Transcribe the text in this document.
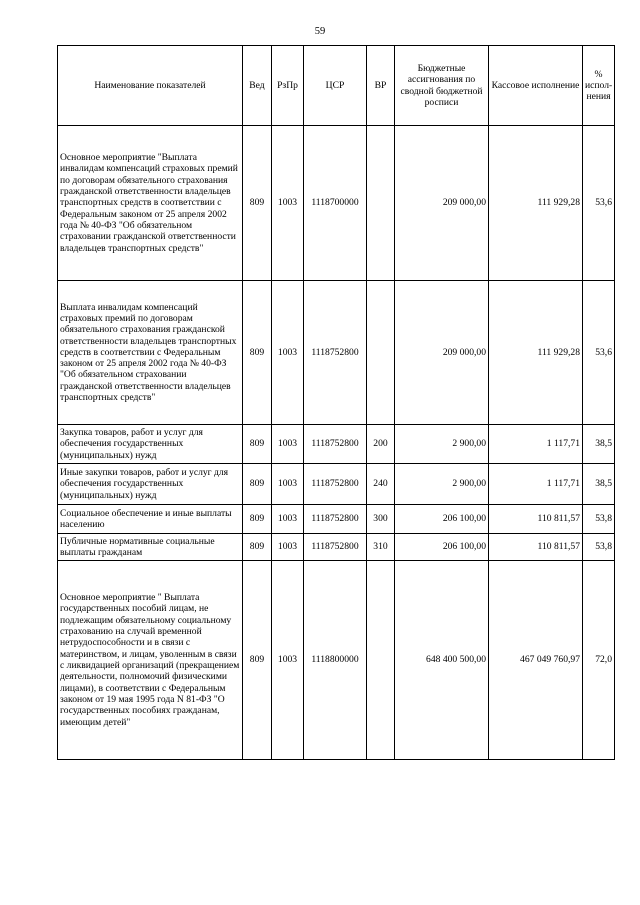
59
Наименование показателей	Вед	РзПр	ЦСР	ВР	Бюджетные ассигнования по сводной бюджетной росписи	Кассовое исполнение	% испол-нения
Основное мероприятие "Выплата инвалидам компенсаций страховых премий по договорам обязательного страхования гражданской ответственности владельцев транспортных средств в соответствии с Федеральным законом от 25 апреля 2002 года № 40-ФЗ "Об обязательном страховании гражданской ответственности владельцев транспортных средств"	809	1003	1118700000		209 000,00	111 929,28	53,6
Выплата инвалидам компенсаций страховых премий по договорам обязательного страхования гражданской ответственности владельцев транспортных средств в соответствии с Федеральным законом от 25 апреля 2002 года № 40-ФЗ "Об обязательном страховании гражданской ответственности владельцев транспортных средств"	809	1003	1118752800		209 000,00	111 929,28	53,6
Закупка товаров, работ и услуг для обеспечения государственных (муниципальных) нужд	809	1003	1118752800	200	2 900,00	1 117,71	38,5
Иные закупки товаров, работ и услуг для обеспечения государственных (муниципальных) нужд	809	1003	1118752800	240	2 900,00	1 117,71	38,5
Социальное обеспечение и иные выплаты населению	809	1003	1118752800	300	206 100,00	110 811,57	53,8
Публичные нормативные социальные выплаты гражданам	809	1003	1118752800	310	206 100,00	110 811,57	53,8
Основное мероприятие " Выплата государственных пособий лицам, не подлежащим обязательному социальному страхованию на случай временной нетрудоспособности и в связи с материнством, и лицам, уволенным в связи с ликвидацией организаций (прекращением деятельности, полномочий физическими лицами), в соответствии с Федеральным законом от 19 мая 1995 года N 81-ФЗ "О государственных пособиях гражданам, имеющим детей"	809	1003	1118800000		648 400 500,00	467 049 760,97	72,0
